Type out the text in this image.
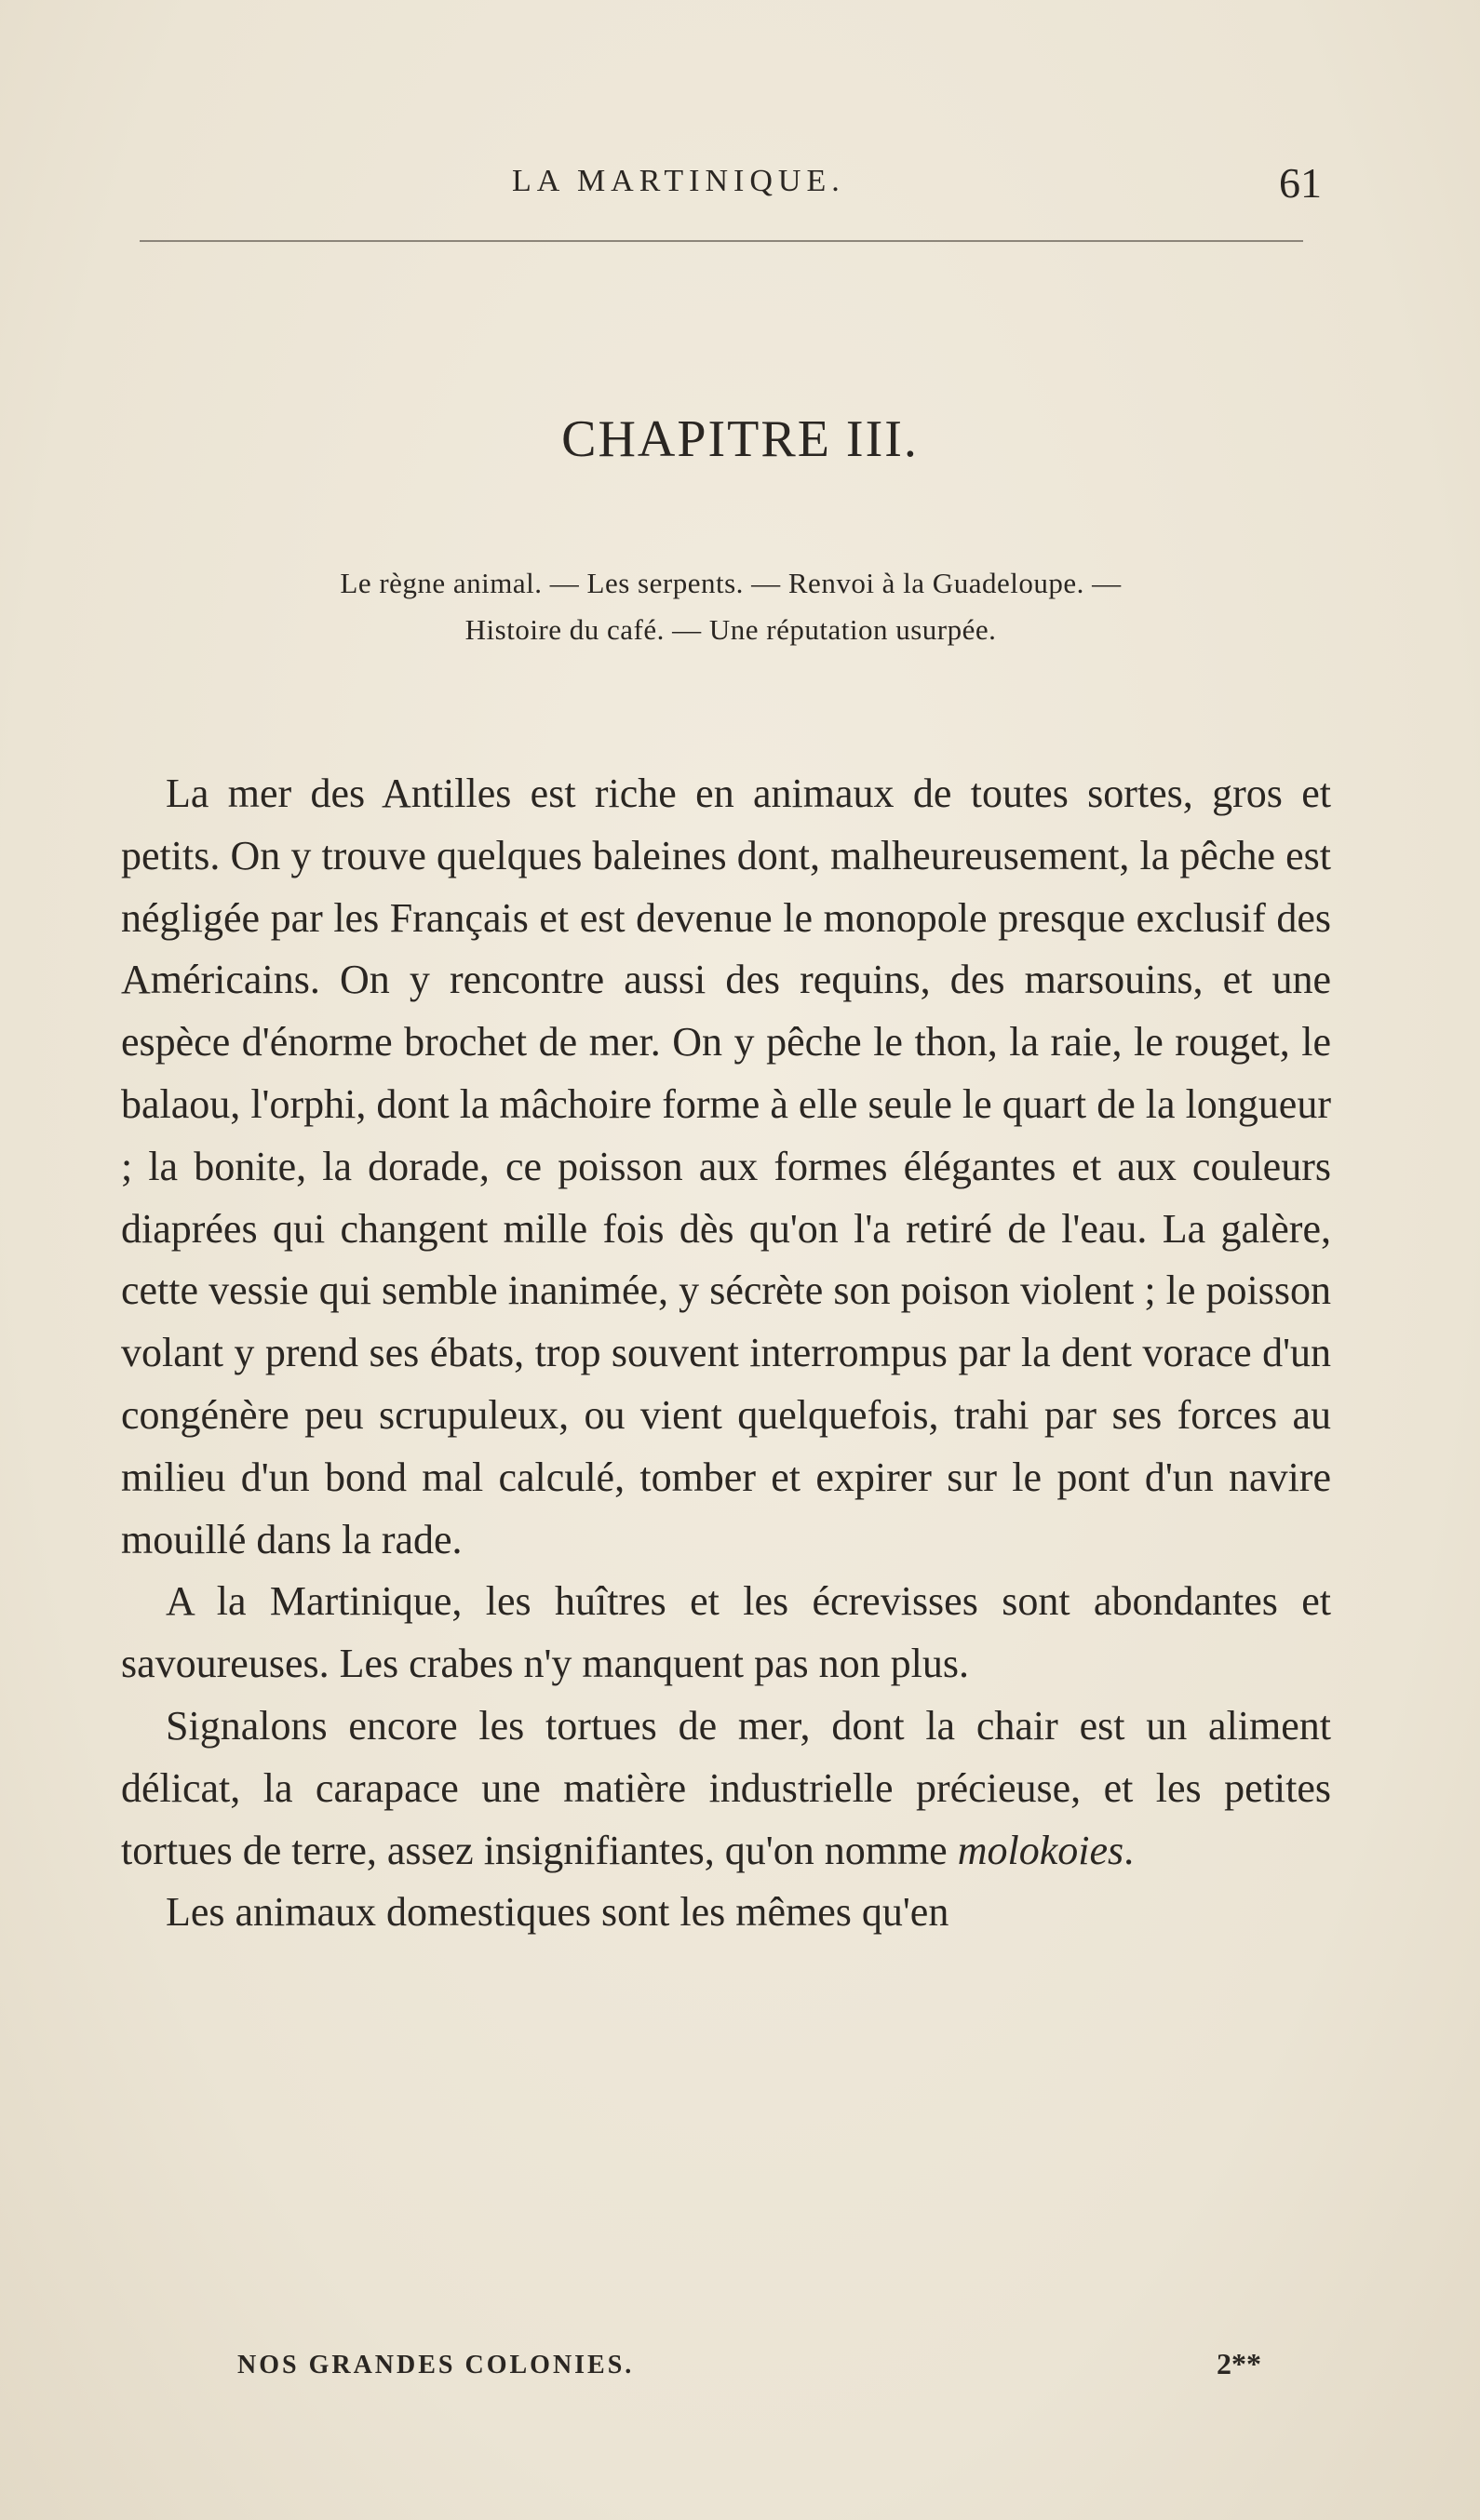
LA MARTINIQUE.	61
CHAPITRE III.
Le règne animal. — Les serpents. — Renvoi à la Guadeloupe. —
Histoire du café. — Une réputation usurpée.

La mer des Antilles est riche en animaux de toutes sortes, gros et petits. On y trouve quelques baleines dont, malheureusement, la pêche est négligée par les Français et est devenue le monopole presque exclusif des Américains. On y rencontre aussi des requins, des marsouins, et une espèce d'énorme brochet de mer. On y pêche le thon, la raie, le rouget, le balaou, l'orphi, dont la mâchoire forme à elle seule le quart de la longueur ; la bonite, la dorade, ce poisson aux formes élégantes et aux couleurs diaprées qui changent mille fois dès qu'on l'a retiré de l'eau. La galère, cette vessie qui semble inanimée, y sécrète son poison violent ; le poisson volant y prend ses ébats, trop souvent interrompus par la dent vorace d'un congénère peu scrupuleux, ou vient quelquefois, trahi par ses forces au milieu d'un bond mal calculé, tomber et expirer sur le pont d'un navire mouillé dans la rade.

A la Martinique, les huîtres et les écrevisses sont abondantes et savoureuses. Les crabes n'y manquent pas non plus.

Signalons encore les tortues de mer, dont la chair est un aliment délicat, la carapace une matière industrielle précieuse, et les petites tortues de terre, assez insignifiantes, qu'on nomme molokoies.

Les animaux domestiques sont les mêmes qu'en

NOS GRANDES COLONIES.	2**
